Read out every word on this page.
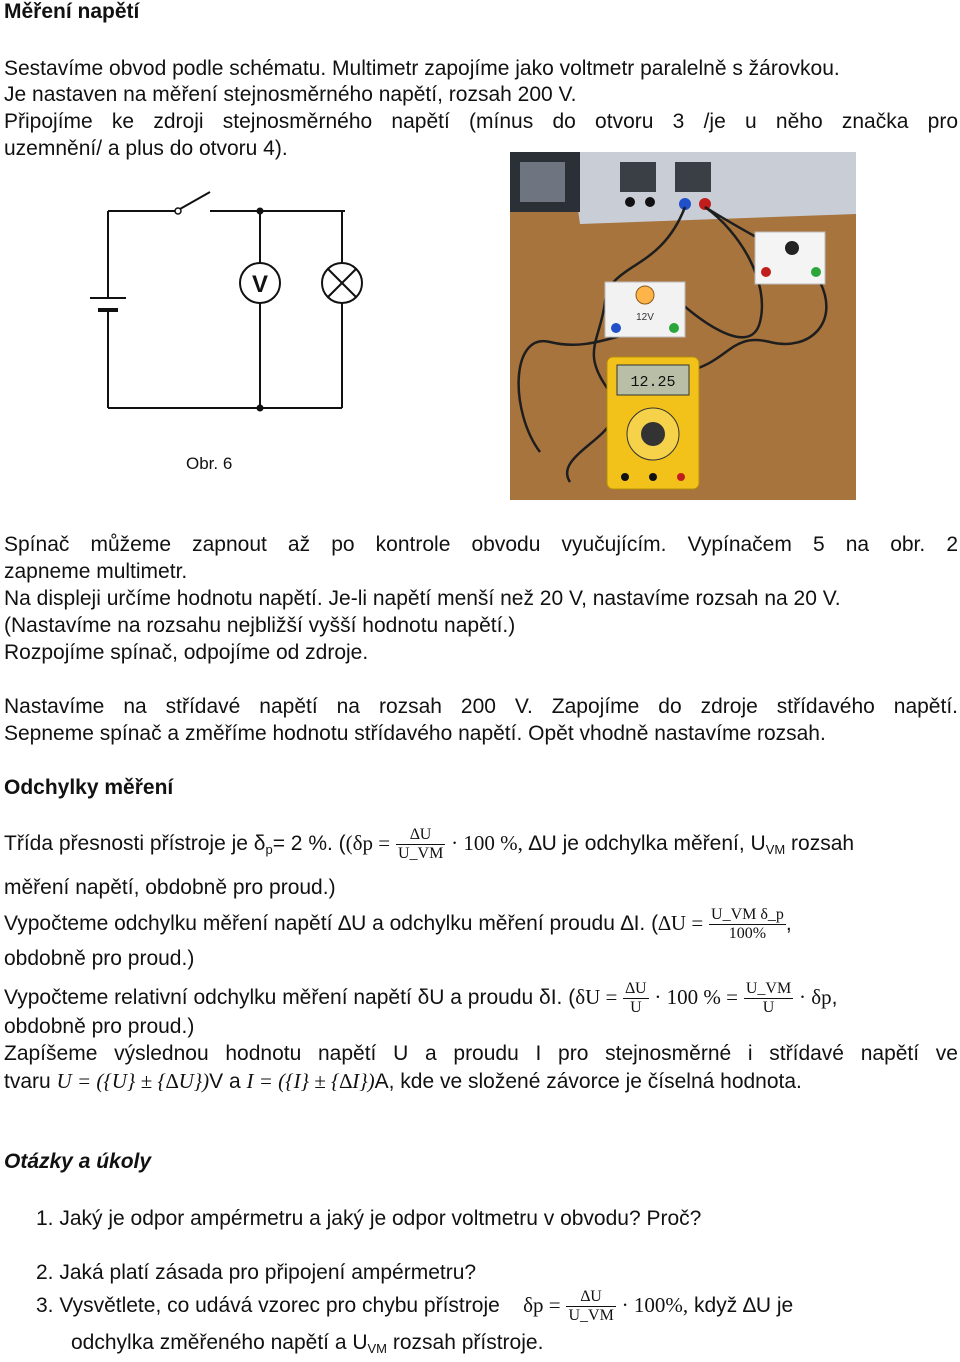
Měření napětí
Sestavíme obvod podle schématu. Multimetr zapojíme jako voltmetr paralelně s žárovkou.
Je nastaven na měření stejnosměrného napětí, rozsah 200 V.
Připojíme ke zdroji stejnosměrného napětí (mínus do otvoru 3 /je u něho značka pro
uzemnění/ a plus do otvoru 4).
V
Obr. 6
12V
12.25
Spínač můžeme zapnout až po kontrole obvodu vyučujícím. Vypínačem 5 na obr. 2
zapneme multimetr.
Na displeji určíme hodnotu napětí. Je-li napětí menší než 20 V, nastavíme rozsah na 20 V.
(Nastavíme na rozsahu nejbližší vyšší hodnotu napětí.)
Rozpojíme spínač, odpojíme od zdroje.
Nastavíme na střídavé napětí na rozsah 200 V. Zapojíme do zdroje střídavého napětí.
Sepneme spínač a změříme hodnotu střídavého napětí. Opět vhodně nastavíme rozsah.
Odchylky měření
Třída přesnosti přístroje je $\delta_p= 2$ %. (($\delta p = \frac{\Delta U}{U\_VM} \cdot 100$ %, ∆U je odchylka měření, $U_{VM}$ rozsah
měření napětí, obdobně pro proud.)
Vypočteme odchylku měření napětí ∆U a odchylku měření proudu ∆I. ($\Delta U = \frac{\text{U\_VM δ\_p}}{100\%}$ ,
obdobně pro proud.)
Vypočteme relativní odchylku měření napětí δU a proudu δI. ($\delta U = \frac{\Delta U}{U} \cdot 100$ % = $\frac{U\_VM}{U} \cdot \delta p$,
obdobně pro proud.)
Zapíšeme výslednou hodnotu napětí U a proudu I pro stejnosměrné i střídavé napětí ve
tvaru U = ({U} ± {∆U})V a I = ({I} ± {∆I})A, kde ve složené závorce je číselná hodnota.
Otázky a úkoly
1. Jaký je odpor ampérmetru a jaký je odpor voltmetru v obvodu? Proč?
2. Jaká platí zásada pro připojení ampérmetru?
3. Vysvětlete, co udává vzorec pro chybu přístroje $\delta p = \frac{\Delta U}{U\_VM} \cdot 100\%$, když ∆U je
odchylka změřeného napětí a $U_{VM}$ rozsah přístroje.
